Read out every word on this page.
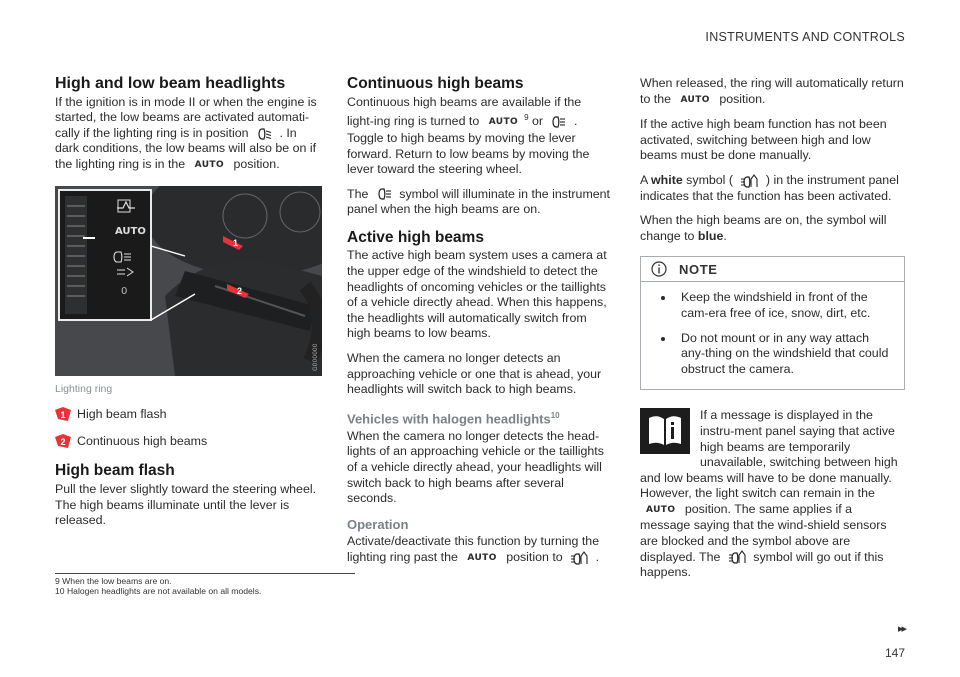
INSTRUMENTS AND CONTROLS
High and low beam headlights

If the ignition is in mode II or when the engine is started, the low beams are activated automati-cally if the lighting ring is in position . In dark conditions, the low beams will also be on if the lighting ring is in the AUTO position.

1
2
AUTO
0
G000000
Lighting ring
1 High beam flash
2 Continuous high beams
High beam flash

Pull the lever slightly toward the steering wheel. The high beams illuminate until the lever is released.

Continuous high beams

Continuous high beams are available if the light-ing ring is turned to AUTO $^9$ or . Toggle to high beams by moving the lever forward. Return to low beams by moving the lever toward the steering wheel.

The symbol will illuminate in the instrument panel when the high beams are on.

Active high beams

The active high beam system uses a camera at the upper edge of the windshield to detect the headlights of oncoming vehicles or the taillights of a vehicle directly ahead. When this happens, the headlights will automatically switch from high beams to low beams.

When the camera no longer detects an approaching vehicle or one that is ahead, your headlights will switch back to high beams.

Vehicles with halogen headlights$^{10}$

When the camera no longer detects the head-lights of an approaching vehicle or the taillights of a vehicle directly ahead, your headlights will switch back to high beams after several seconds.

Operation

Activate/deactivate this function by turning the lighting ring past the AUTO position to	.

When released, the ring will automatically return to the AUTO position.

If the active high beam function has not been activated, switching between high and low beams must be done manually.

A white symbol (	) in the instrument panel indicates that the function has been activated.

When the high beams are on, the symbol will change to blue.

NOTE
• Keep the windshield in front of the cam-era free of ice, snow, dirt, etc.
• Do not mount or in any way attach any-thing on the windshield that could obstruct the camera.
If a message is displayed in the instru-ment panel saying that active high beams are temporarily unavailable, switching between high and low beams will have to be done manually. However, the light switch can remain in the AUTO position. The same applies if a message saying that the wind-shield sensors are blocked and the symbol above are displayed. The	symbol will go out if this happens.
9 When the low beams are on.
10 Halogen headlights are not available on all models.
▸▸
147
